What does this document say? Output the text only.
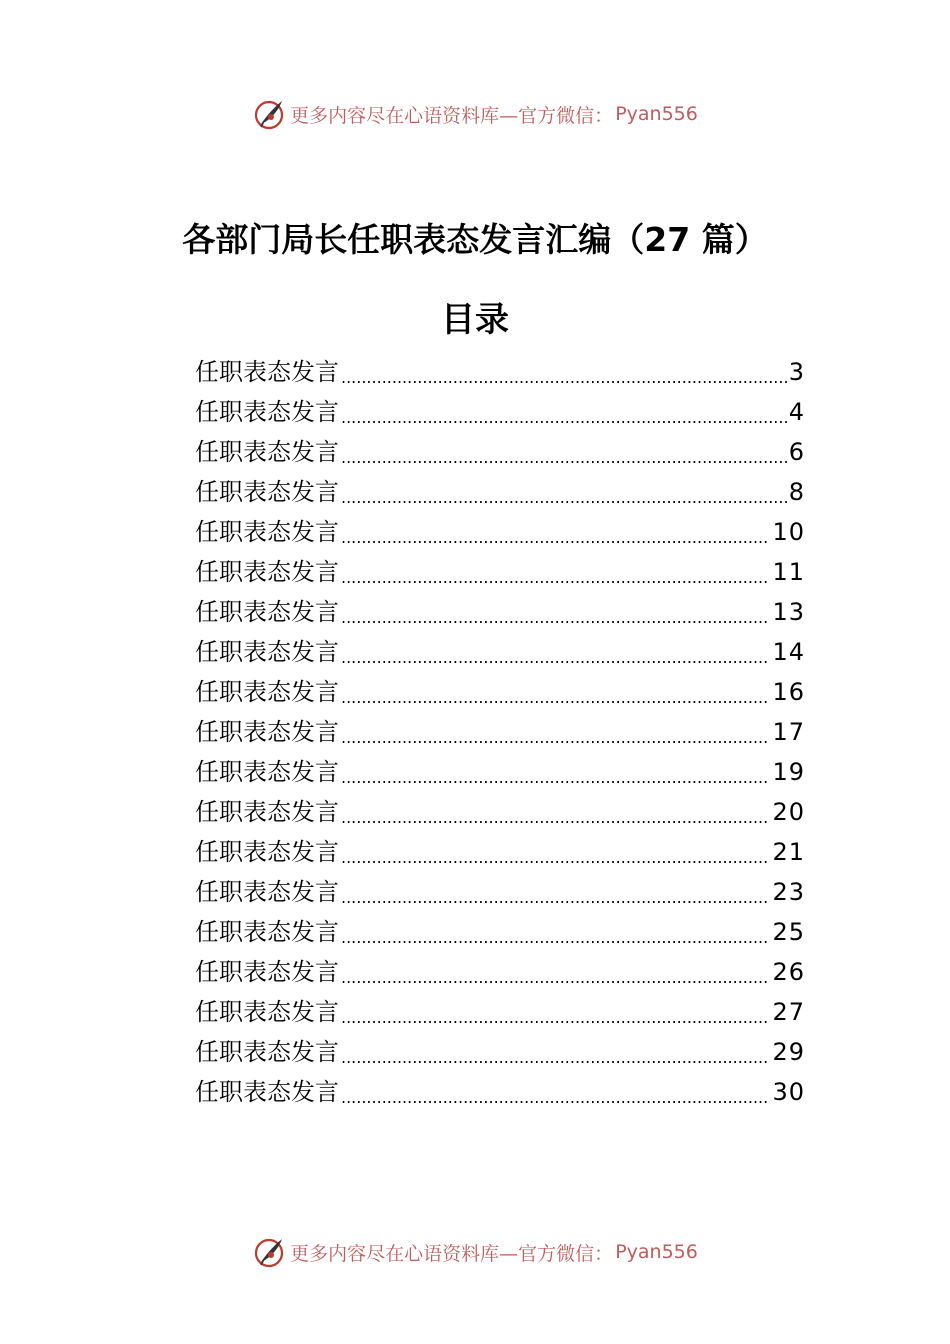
更多内容尽在心语资料库 —官方微信： Pyan556
各部门局长任职表态发言汇编（27 篇）
目录
任职表态发言 .....	3
任职表态发言 .....	4
任职表态发言 .....	6
任职表态发言 .....	8
任职表态发言 .....	10
任职表态发言 .....	11
任职表态发言 .....	13
任职表态发言 .....	14
任职表态发言 .....	16
任职表态发言 .....	17
任职表态发言 .....	19
任职表态发言 .....	20
任职表态发言 .....	21
任职表态发言 .....	23
任职表态发言 .....	25
任职表态发言 .....	26
任职表态发言 .....	27
任职表态发言 .....	29
任职表态发言 .....	30
更多内容尽在心语资料库 —官方微信： Pyan556
